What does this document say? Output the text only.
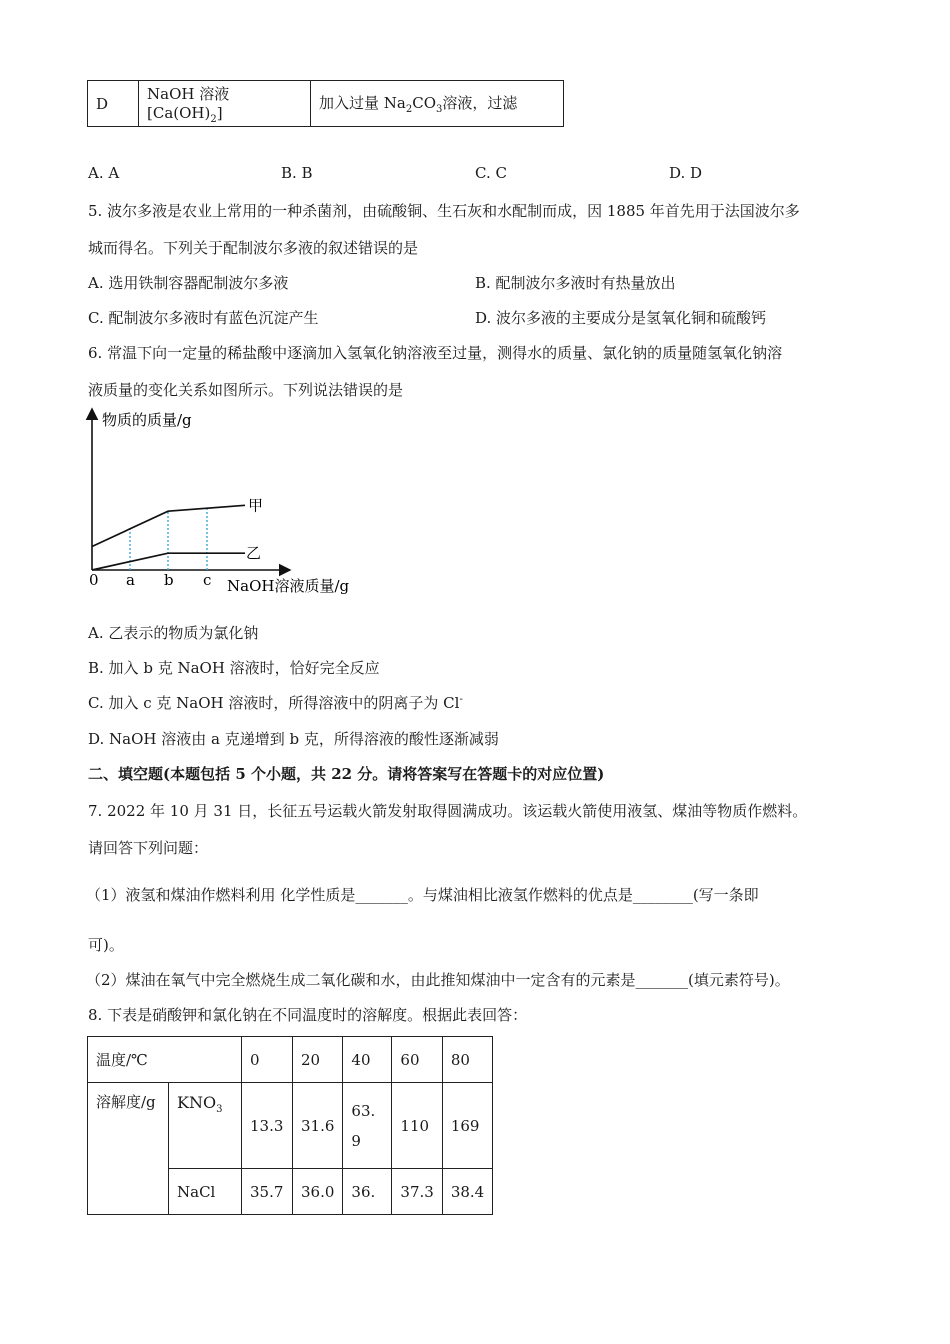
D	NaOH 溶液$[Ca(OH)_2]$	加入过量 $Na_2CO_3$溶液，过滤
A. A	B. B	C. C	D. D
5. 波尔多液是农业上常用的一种杀菌剂，由硫酸铜、生石灰和水配制而成，因 1885 年首先用于法国波尔多
城而得名。下列关于配制波尔多液的叙述错误的是
A. 选用铁制容器配制波尔多液	B. 配制波尔多液时有热量放出
C. 配制波尔多液时有蓝色沉淀产生	D. 波尔多液的主要成分是氢氧化铜和硫酸钙
6. 常温下向一定量的稀盐酸中逐滴加入氢氧化钠溶液至过量，测得水的质量、氯化钠的质量随氢氧化钠溶
液质量的变化关系如图所示。下列说法错误的是
物质的质量/g
NaOH溶液质量/g
甲
乙
0 a b c
A. 乙表示的物质为氯化钠
B. 加入 b 克 NaOH 溶液时，恰好完全反应
C. 加入 c 克 NaOH 溶液时，所得溶液中的阴离子为 Cl-
D. NaOH 溶液由 a 克递增到 b 克，所得溶液的酸性逐渐减弱
二、填空题(本题包括 5 个小题，共 22 分。请将答案写在答题卡的对应位置)
7. 2022 年 10 月 31 日，长征五号运载火箭发射取得圆满成功。该运载火箭使用液氢、煤油等物质作燃料。
请回答下列问题：
（1）液氢和煤油作燃料利用 化学性质是_______。与煤油相比液氢作燃料的优点是________(写一条即
可)。
（2）煤油在氧气中完全燃烧生成二氧化碳和水，由此推知煤油中一定含有的元素是_______(填元素符号)。
8. 下表是硝酸钾和氯化钠在不同温度时的溶解度。根据此表回答：
温度/℃		0	20	40	60	80
溶解度/g	$KNO_3$	13.3	31.6	63.
9	110	169
	NaCl	35.7	36.0	36.	37.3	38.4
